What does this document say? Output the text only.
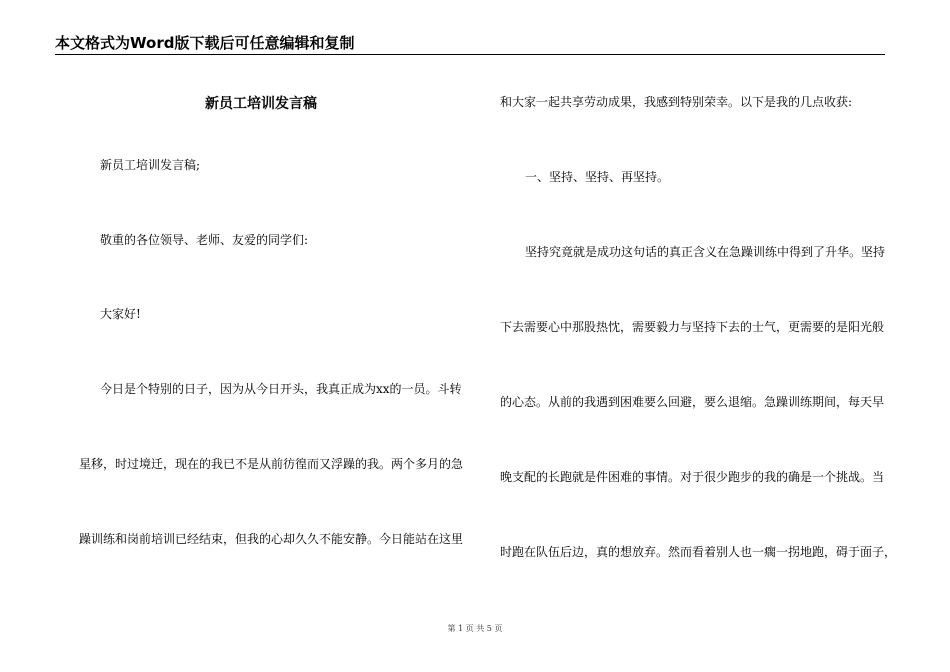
本文格式为Word版下载后可任意编辑和复制
新员工培训发言稿
新员工培训发言稿;
敬重的各位领导、老师、友爱的同学们:
大家好!
今日是个特别的日子，因为从今日开头，我真正成为xx的一员。斗转
星移，时过境迁，现在的我已不是从前彷徨而又浮躁的我。两个多月的急
躁训练和岗前培训已经结束，但我的心却久久不能安静。今日能站在这里
和大家一起共享劳动成果，我感到特别荣幸。以下是我的几点收获:
一、坚持、坚持、再坚持。
坚持究竟就是成功这句话的真正含义在急躁训练中得到了升华。坚持
下去需要心中那股热忱，需要毅力与坚持下去的士气，更需要的是阳光般
的心态。从前的我遇到困难要么回避，要么退缩。急躁训练期间，每天早
晚支配的长跑就是件困难的事情。对于很少跑步的我的确是一个挑战。当
时跑在队伍后边，真的想放弃。然而看着别人也一瘸一拐地跑，碍于面子，
第 1 页 共 5 页
